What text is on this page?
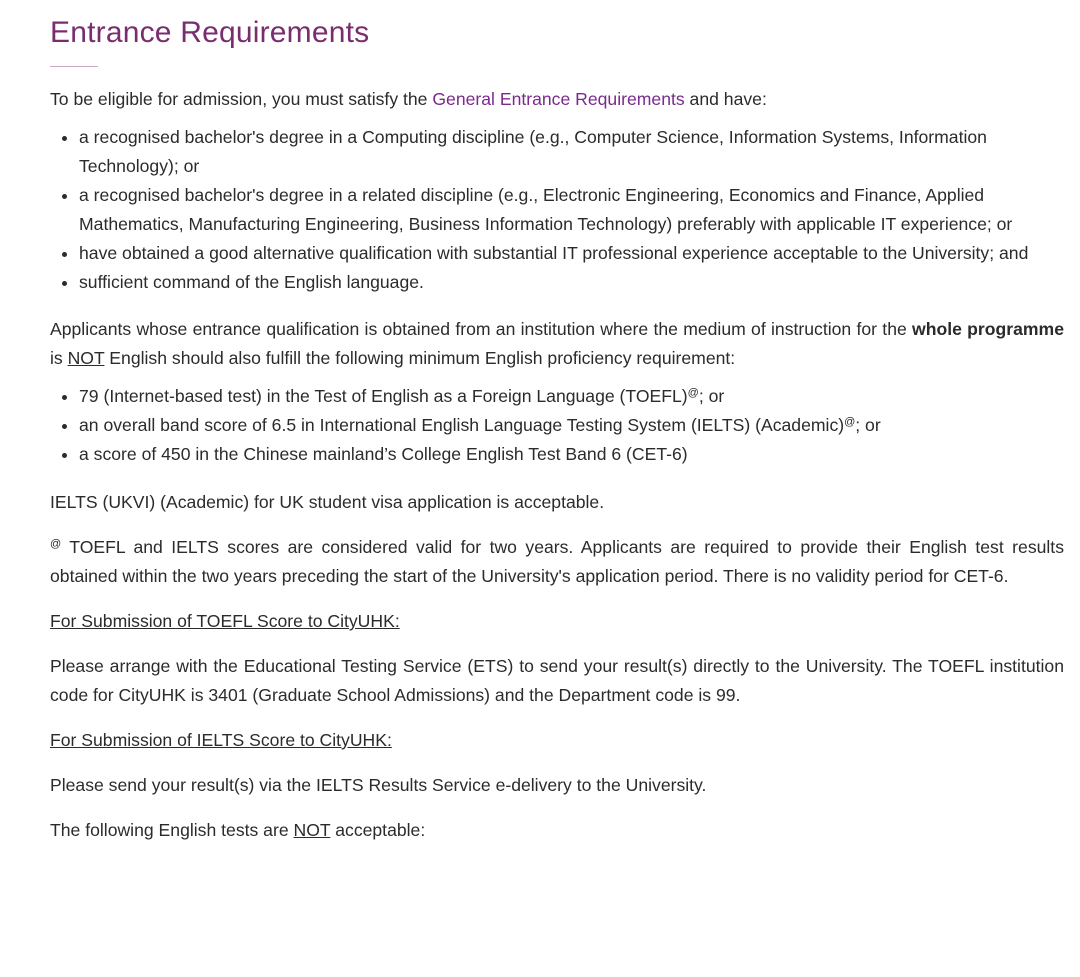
Entrance Requirements

To be eligible for admission, you must satisfy the General Entrance Requirements and have:

• a recognised bachelor's degree in a Computing discipline (e.g., Computer Science, Information Systems, Information Technology); or
• a recognised bachelor's degree in a related discipline (e.g., Electronic Engineering, Economics and Finance, Applied Mathematics, Manufacturing Engineering, Business Information Technology) preferably with applicable IT experience; or
• have obtained a good alternative qualification with substantial IT professional experience acceptable to the University; and
• sufficient command of the English language.

Applicants whose entrance qualification is obtained from an institution where the medium of instruction for the whole programme is NOT English should also fulfill the following minimum English proficiency requirement:

• 79 (Internet-based test) in the Test of English as a Foreign Language (TOEFL)@; or
• an overall band score of 6.5 in International English Language Testing System (IELTS) (Academic)@; or
• a score of 450 in the Chinese mainland’s College English Test Band 6 (CET-6)

IELTS (UKVI) (Academic) for UK student visa application is acceptable.

@ TOEFL and IELTS scores are considered valid for two years. Applicants are required to provide their English test results obtained within the two years preceding the start of the University's application period. There is no validity period for CET-6.

For Submission of TOEFL Score to CityUHK:

Please arrange with the Educational Testing Service (ETS) to send your result(s) directly to the University. The TOEFL institution code for CityUHK is 3401 (Graduate School Admissions) and the Department code is 99.

For Submission of IELTS Score to CityUHK:

Please send your result(s) via the IELTS Results Service e-delivery to the University.

The following English tests are NOT acceptable:
